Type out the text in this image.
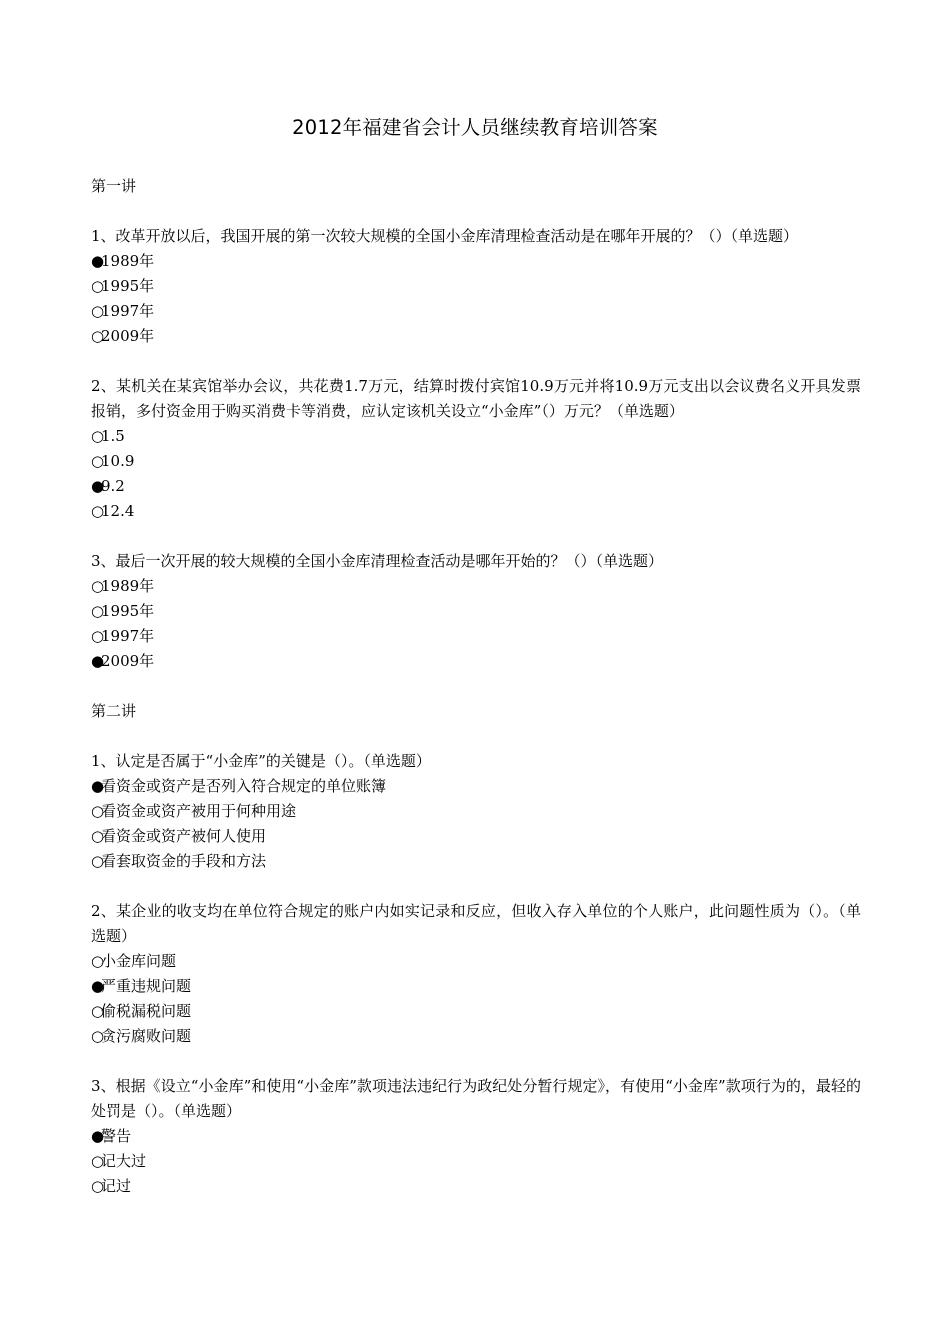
2012年福建省会计人员继续教育培训答案

第一讲

1、改革开放以后，我国开展的第一次较大规模的全国小金库清理检查活动是在哪年开展的？（）（单选题）

●1989年

○1995年

○1997年

○2009年

2、某机关在某宾馆举办会议，共花费1.7万元，结算时拨付宾馆10.9万元并将10.9万元支出以会议费名义开具发票报销，多付资金用于购买消费卡等消费，应认定该机关设立“小金库”（）万元？（单选题）

○1.5

○10.9

●9.2

○12.4

3、最后一次开展的较大规模的全国小金库清理检查活动是哪年开始的？（）（单选题）

○1989年

○1995年

○1997年

●2009年

第二讲

1、认定是否属于“小金库”的关键是（）。（单选题）

●看资金或资产是否列入符合规定的单位账簿

○看资金或资产被用于何种用途

○看资金或资产被何人使用

○看套取资金的手段和方法

2、某企业的收支均在单位符合规定的账户内如实记录和反应，但收入存入单位的个人账户，此问题性质为（）。（单选题）

○小金库问题

●严重违规问题

○偷税漏税问题

○贪污腐败问题

3、根据《设立“小金库”和使用“小金库”款项违法违纪行为政纪处分暂行规定》，有使用“小金库”款项行为的，最轻的处罚是（）。（单选题）

●警告

○记大过

○记过
